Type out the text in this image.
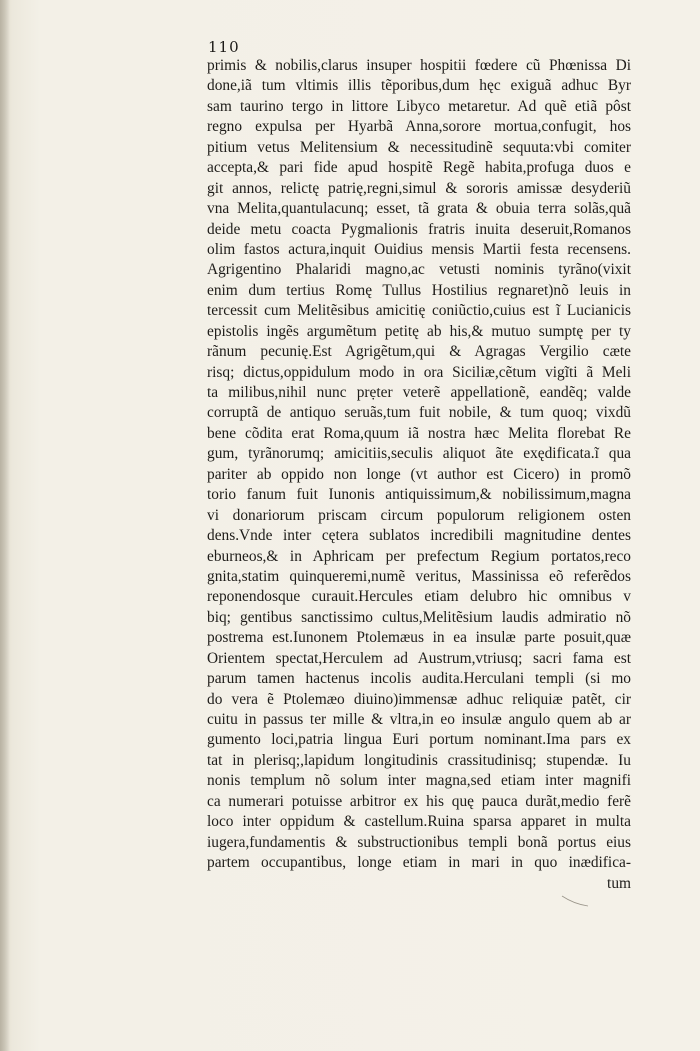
110
primis & nobilis,clarus insuper hospitii fœdere cũ Phœnissa Di
done,iã tum vltimis illis tẽporibus,dum hęc exiguã adhuc Byr
sam taurino tergo in littore Libyco metaretur. Ad quẽ etiã pôst
regno expulsa per Hyarbã Anna,sorore mortua,confugit, hos
pitium vetus Melitensium & necessitudinẽ sequuta:vbi comiter
accepta,& pari fide apud hospitẽ Regẽ habita,profuga duos e
git annos, relictę patrię,regni,simul & sororis amissæ desyderiũ
vna Melita,quantulacunq; esset, tã grata & obuia terra solãs,quã
deide metu coacta Pygmalionis fratris inuita deseruit,Romanos
olim fastos actura,inquit Ouidius mensis Martii festa recensens.
Agrigentino Phalaridi magno,ac vetusti nominis tyrãno(vixit
enim dum tertius Romę Tullus Hostilius regnaret)nõ leuis in
tercessit cum Melitẽsibus amicitię coniũctio,cuius est ĩ Lucianicis
epistolis ingẽs argumẽtum petitę ab his,& mutuo sumptę per ty
rãnum pecunię.Est Agrigẽtum,qui & Agragas Vergilio cæte
risq; dictus,oppidulum modo in ora Siciliæ,cẽtum vigĩti ã Meli
ta milibus,nihil nunc prẹter veterẽ appellationẽ, eandẽq; valde
corruptã de antiquo seruãs,tum fuit nobile, & tum quoq; vixdũ
bene cõdita erat Roma,quum iã nostra hæc Melita florebat Re
gum, tyrãnorumq; amicitiis,seculis aliquot ãte exędificata.ĩ qua
pariter ab oppido non longe (vt author est Cicero) in promõ
torio fanum fuit Iunonis antiquissimum,& nobilissimum,magna
vi donariorum priscam circum populorum religionem osten
dens.Vnde inter cętera sublatos incredibili magnitudine dentes
eburneos,& in Aphricam per prefectum Regium portatos,reco
gnita,statim quinqueremi,numẽ veritus, Massinissa eõ referẽdos
reponendosque curauit.Hercules etiam delubro hic omnibus v
biq; gentibus sanctissimo cultus,Melitẽsium laudis admiratio nõ
postrema est.Iunonem Ptolemæus in ea insulæ parte posuit,quæ
Orientem spectat,Herculem ad Austrum,vtriusq; sacri fama est
parum tamen hactenus incolis audita.Herculani templi (si mo
do vera ẽ Ptolemæo diuino)immensæ adhuc reliquiæ patẽt, cir
cuitu in passus ter mille & vltra,in eo insulæ angulo quem ab ar
gumento loci,patria lingua Euri portum nominant.Ima pars ex
tat in plerisq;,lapidum longitudinis crassitudinisq; stupendæ. Iu
nonis templum nõ solum inter magna,sed etiam inter magnifi
ca numerari potuisse arbitror ex his quę pauca durãt,medio ferẽ
loco inter oppidum & castellum.Ruina sparsa apparet in multa
iugera,fundamentis & substructionibus templi bonã portus eius
partem occupantibus, longe etiam in mari in quo inædifica-
tum
